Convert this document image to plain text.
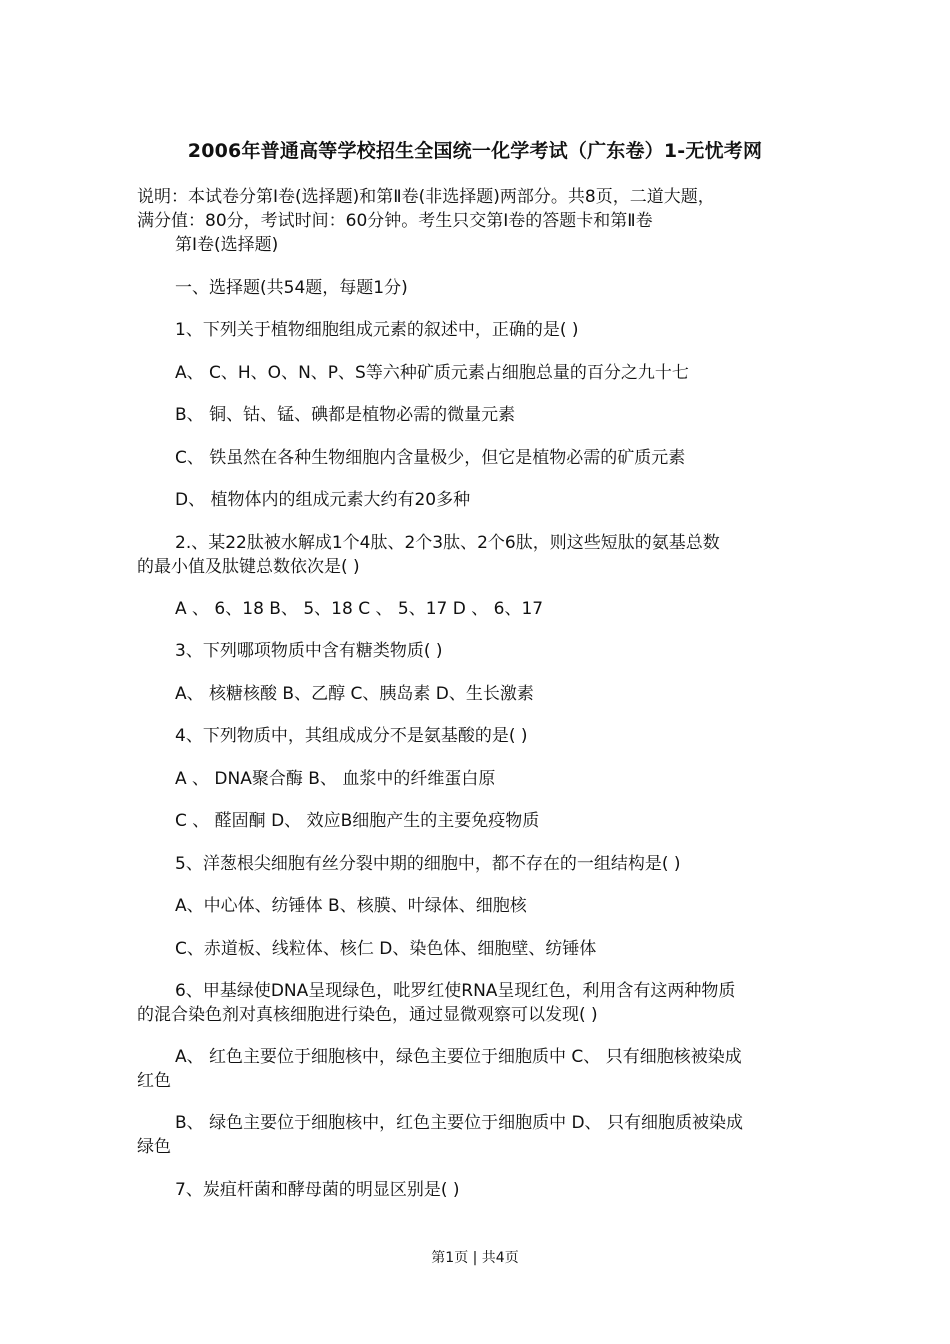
2006年普通高等学校招生全国统一化学考试（广东卷）1-无忧考网
说明：本试卷分第Ⅰ卷(选择题)和第Ⅱ卷(非选择题)两部分。共8页，二道大题，
满分值：80分，考试时间：60分钟。考生只交第Ⅰ卷的答题卡和第Ⅱ卷
第Ⅰ卷(选择题)
一、选择题(共54题，每题1分)
1、下列关于植物细胞组成元素的叙述中，正确的是( )
A、 C、H、O、N、P、S等六种矿质元素占细胞总量的百分之九十七
B、 铜、钴、锰、碘都是植物必需的微量元素
C、 铁虽然在各种生物细胞内含量极少，但它是植物必需的矿质元素
D、 植物体内的组成元素大约有20多种
2.、某22肽被水解成1个4肽、2个3肽、2个6肽，则这些短肽的氨基总数
的最小值及肽键总数依次是( )
A 、 6、18 B、 5、18 C 、 5、17 D 、 6、17
3、下列哪项物质中含有糖类物质( )
A、 核糖核酸 B、乙醇 C、胰岛素 D、生长激素
4、下列物质中，其组成成分不是氨基酸的是( )
A 、 DNA聚合酶 B、 血浆中的纤维蛋白原
C 、 醛固酮 D、 效应B细胞产生的主要免疫物质
5、洋葱根尖细胞有丝分裂中期的细胞中，都不存在的一组结构是( )
A、中心体、纺锤体 B、核膜、叶绿体、细胞核
C、赤道板、线粒体、核仁 D、染色体、细胞壁、纺锤体
6、甲基绿使DNA呈现绿色，吡罗红使RNA呈现红色，利用含有这两种物质
的混合染色剂对真核细胞进行染色，通过显微观察可以发现( )
A、 红色主要位于细胞核中，绿色主要位于细胞质中 C、 只有细胞核被染成
红色
B、 绿色主要位于细胞核中，红色主要位于细胞质中 D、 只有细胞质被染成
绿色
7、炭疽杆菌和酵母菌的明显区别是( )
第1页 | 共4页
